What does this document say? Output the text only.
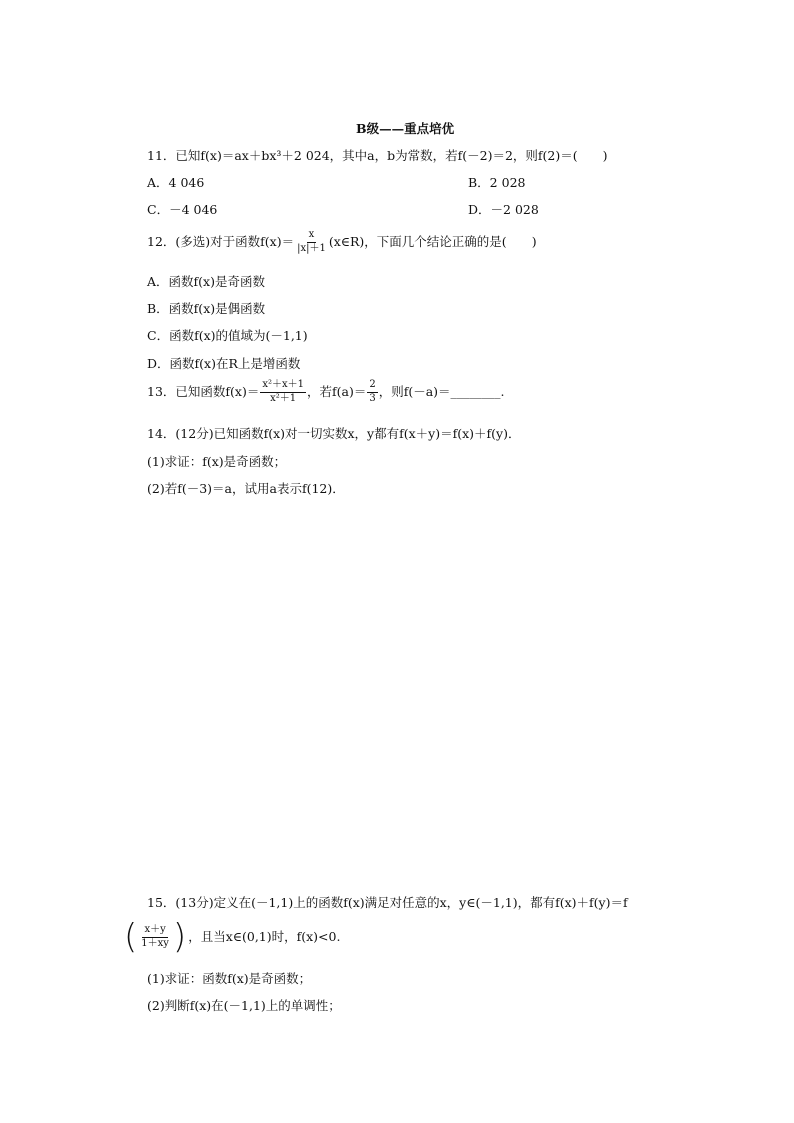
B级——重点培优
11．已知f(x)＝ax＋bx³＋2 024，其中a，b为常数，若f(－2)＝2，则f(2)＝(　　)
A．4 046	B．2 028
C．－4 046	D．－2 028
12．(多选)对于函数$f(x)= \frac{x}{|x|+1}$ (x∈R)，下面几个结论正确的是(　　)
A．函数f(x)是奇函数
B．函数f(x)是偶函数
C．函数f(x)的值域为(－1,1)
D．函数f(x)在R上是增函数
13．已知函数$f(x)= \frac{\text{x²＋x＋1}}{\text{x²＋1}}$ ，若$f(a)= \frac{2}{3}$ ，则f(－a)＝________.
14．(12分)已知函数f(x)对一切实数x，y都有f(x＋y)＝f(x)＋f(y)．
(1)求证：f(x)是奇函数；
(2)若f(－3)＝a，试用a表示f(12)．
15．(13分)定义在(－1,1)上的函数f(x)满足对任意的x，y∈(－1,1)，都有f(x)＋f(y)＝f
( $\frac{x+y}{1+xy}$ ) ，且当x∈(0,1)时，f(x)<0.
(1)求证：函数f(x)是奇函数；
(2)判断f(x)在(－1,1)上的单调性；
